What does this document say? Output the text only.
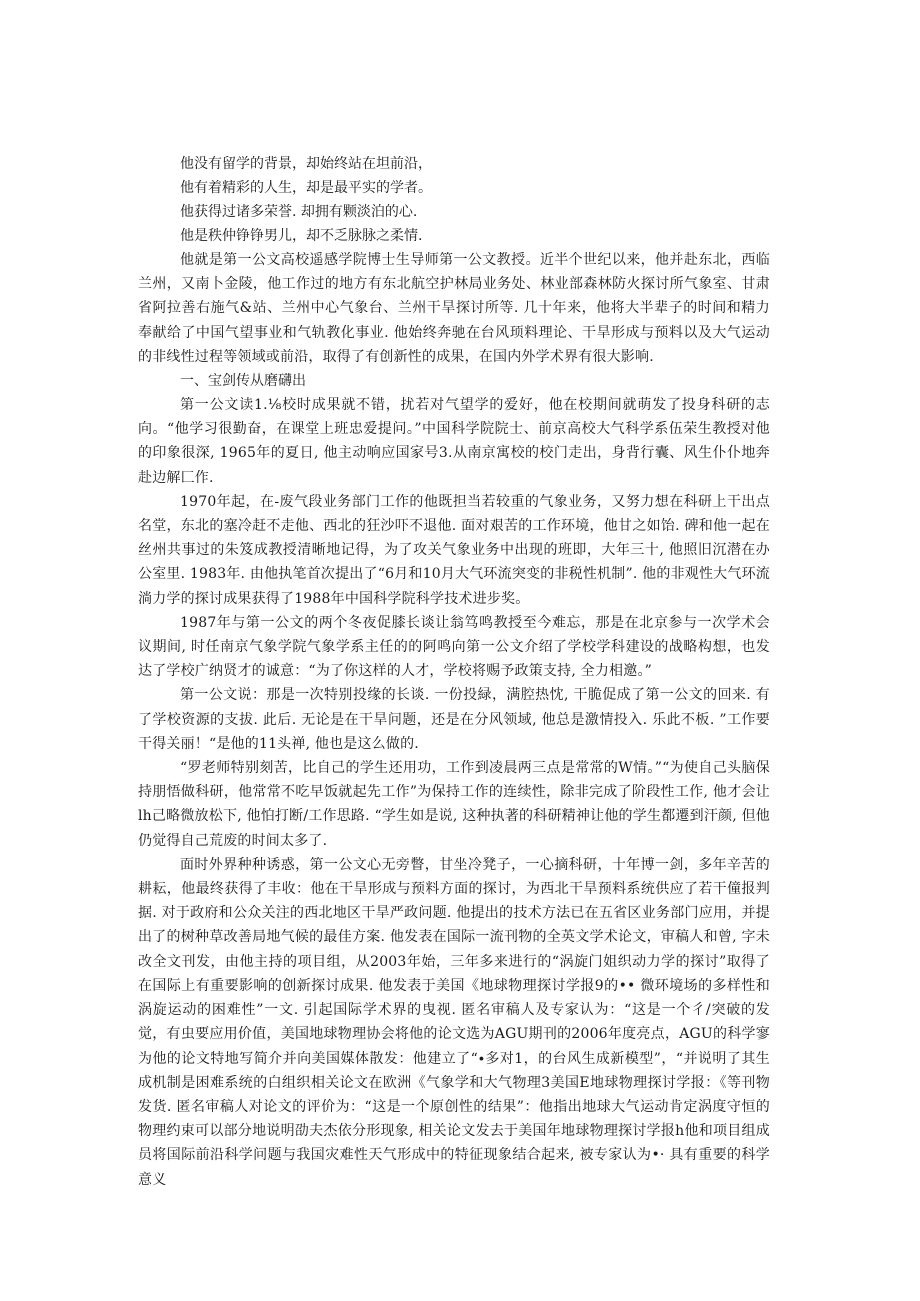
他没有留学的背景，却始终站在坦前沿，
他有着精彩的人生，却是最平实的学者。
他获得过诸多荣誉. 却拥有颗淡泊的心.
他是秩仲铮铮男儿，却不乏脉脉之柔情.

他就是第一公文高校遥感学院博士生导师第一公文教授。近半个世纪以来，他并赴东北，西临兰州，又南卜金陵，他工作过的地方有东北航空护林局业务处、林业部森林防火探讨所气象室、甘肃省阿拉善右施气&站、兰州中心气象台、兰州干旱探讨所等. 几十年来，他将大半辈子的时间和精力奉献给了中国气望事业和气轨教化事业. 他始终奔驰在台风顼料理论、干旱形成与预料以及大气运动的非线性过程等领域或前沿，取得了有创新性的成果，在国内外学术界有很大影响.

一、宝剑传从磨礴出

第一公文读1.⅛校时成果就不错，扰若对气望学的爱好，他在校期间就萌发了投身科研的志向。“他学习很勤奋，在课堂上班忠爱提问。”中国科学院院士、前京高校大气科学系伍荣生教授对他的印象很深, 1965年的夏日, 他主动响应国家号3.从南京寓校的校门走出，身背行囊、风生仆仆地奔赴边解匚作.

1970年起，在-废气段业务部门工作的他既担当若较重的气象业务，又努力想在科研上干出点名堂，东北的塞冷赶不走他、西北的狂沙吓不退他. 面对艰苦的工作环境，他甘之如饴. 碑和他一起在丝州共事过的朱笈成教授清晰地记得，为了攻关气象业务中出现的班即，大年三十, 他照旧沉潜在办公室里. 1983年. 由他执笔首次提出了“6月和10月大气环流突变的非税性机制”. 他的非观性大气环流淌力学的探讨成果获得了1988年中国科学院科学技术进步奖。

1987年与第一公文的两个冬夜促膝长谈让翁笃鸣教授至今难忘，那是在北京参与一次学术会议期间, 时任南京气象学院气象学系主任的的阿鸣向第一公文介绍了学校学科建设的战略构想，也发达了学校广纳贤才的诚意：“为了你这样的人才，学校将赐予政策支持, 全力相邀。”

第一公文说：那是一次特别投缘的长谈. 一份投緑，满腔热忱, 干脆促成了第一公文的回来. 有了学校资源的支拔. 此后. 无论是在干旱问题，还是在分风领域, 他总是激情投入. 乐此不板. ”工作要干得关丽！“是他的11头禅, 他也是这么做的.

“罗老师特别刻苦，比自己的学生还用功，工作到凌晨两三点是常常的W情。”“为使自己头脑保持朋悟做科研，他常常不吃早饭就起先工作”为保持工作的连续性，除非完成了阶段性工作, 他才会让lh己略微放松下, 他怕打断/工作思路. “学生如是说, 这种执著的科研精神让他的学生都遷到汗颜, 但他仍觉得自己荒废的时间太多了.

面时外界种种诱惑，第一公文心无旁瞥，甘坐冷凳子，一心摘科研，十年博一剑，多年辛苦的耕耘，他最终获得了丰收：他在干旱形成与预料方面的探讨，为西北干旱预料系统供应了若干僮报判据. 对于政府和公众关注的西北地区干旱严政问题. 他提出的技术方法已在五省区业务部门应用，并提出了的树种草改善局地气候的最佳方案. 他发表在国际一流刊物的全英文学术论文，审稿人和曾, 字未改全文刊发，由他主持的项目组，从2003年始，三年多来进行的“涡旋门姐织动力学的探讨”取得了在国际上有重要影响的创新探讨成果. 他发表于美国《地球物理探讨学报9的•• 微环境场的多样性和涡旋运动的困难性”一文. 引起国际学术界的曳视. 匿名审稿人及专家认为：“这是一个彳/突破的发觉，有虫要应用价值，美国地球物理协会将他的论文选为AGU期刊的2006年度亮点，AGU的科学寥为他的论文特地写简介并向美国媒体散发：他建立了“∙多对1，的台风生成新模型”，“并说明了其生成机制是困难系统的白组织相关论文在欧洲《气象学和大气物理3美国E地球物理探讨学报：《等刊物发货. 匿名审稿人对论文的评价为：“这是一个原创性的结果”：他指出地球大气运动肯定涡度守恒的物理约束可以部分地说明劭夫杰依分形现象, 相关论文发去于美国年地球物理探讨学报h他和项目组成员将国际前沿科学问题与我国灾难性天气形成中的特征现象结合起来, 被专家认为•· 具有重要的科学意义
